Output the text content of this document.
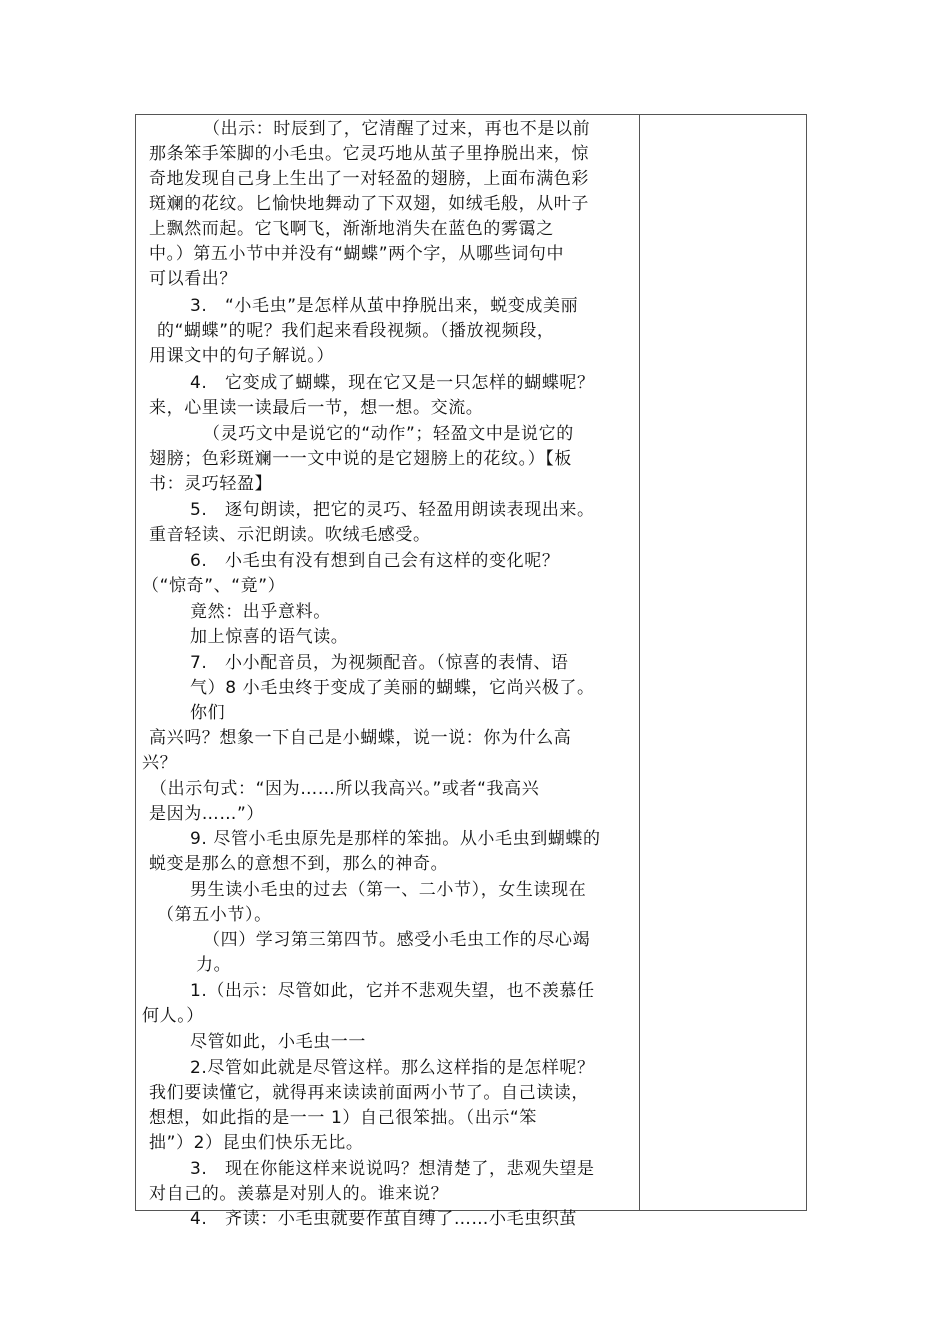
（出示：时辰到了，它清醒了过来，再也不是以前
那条笨手笨脚的小毛虫。它灵巧地从茧子里挣脱出来，惊
奇地发现自己身上生出了一对轻盈的翅膀，上面布满色彩
斑斓的花纹。匕愉快地舞动了下双翅，如绒毛般，从叶子
上飘然而起。它飞啊飞，渐渐地消失在蓝色的雾霭之
中。）第五小节中并没有“蝴蝶”两个字，从哪些词句中
可以看出？
3.　“小毛虫”是怎样从茧中挣脱出来，蜕变成美丽
的“蝴蝶”的呢？我们起来看段视频。（播放视频段，
用课文中的句子解说。）
4.　它变成了蝴蝶，现在它又是一只怎样的蝴蝶呢？
来，心里读一读最后一节，想一想。交流。
（灵巧文中是说它的“动作”；轻盈文中是说它的
翅膀；色彩斑斓一一文中说的是它翅膀上的花纹。）【板
书：灵巧轻盈】
5.　逐句朗读，把它的灵巧、轻盈用朗读表现出来。
重音轻读、示汜朗读。吹绒毛感受。
6.　小毛虫有没有想到自己会有这样的变化呢？
（“惊奇”、“竟”）
竟然：出乎意料。
加上惊喜的语气读。
7.　小小配音员，为视频配音。（惊喜的表情、语
气）8 小毛虫终于变成了美丽的蝴蝶，它尚兴极了。
你们
高兴吗？想象一下自己是小蝴蝶，说一说：你为什么高
兴？
（出示句式：“因为……所以我高兴。”或者“我高兴
是因为……”）
9. 尽管小毛虫原先是那样的笨拙。从小毛虫到蝴蝶的
蜕变是那么的意想不到，那么的神奇。
男生读小毛虫的过去（第一、二小节），女生读现在
（第五小节）。
（四）学习第三第四节。感受小毛虫工作的尽心竭
力。
1.（出示：尽管如此，它并不悲观失望，也不羡慕任
何人。）
尽管如此，小毛虫一一
2.尽管如此就是尽管这样。那么这样指的是怎样呢？
我们要读懂它，就得再来读读前面两小节了。自己读读，
想想，如此指的是一一 1）自己很笨拙。（出示“笨
拙”）2）昆虫们快乐无比。
3.　现在你能这样来说说吗？想清楚了，悲观失望是
对自己的。羡慕是对别人的。谁来说？
4.　齐读：小毛虫就要作茧自缚了……小毛虫织茧
